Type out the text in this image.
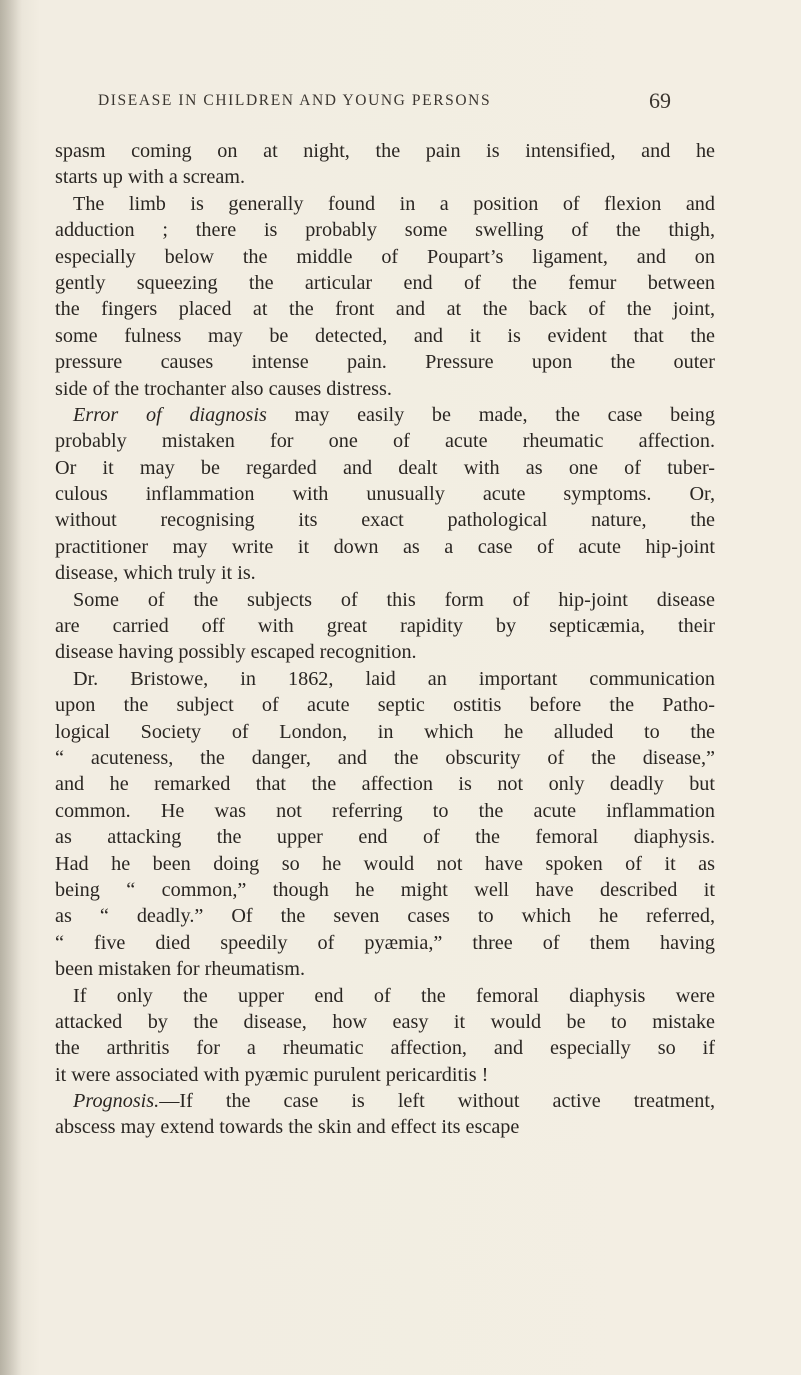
DISEASE IN CHILDREN AND YOUNG PERSONS	69
spasm coming on at night, the pain is intensified, and he
starts up with a scream.
The limb is generally found in a position of flexion and
adduction ; there is probably some swelling of the thigh,
especially below the middle of Poupart’s ligament, and on
gently squeezing the articular end of the femur between
the fingers placed at the front and at the back of the joint,
some fulness may be detected, and it is evident that the
pressure causes intense pain. Pressure upon the outer
side of the trochanter also causes distress.
Error of diagnosis may easily be made, the case being
probably mistaken for one of acute rheumatic affection.
Or it may be regarded and dealt with as one of tuber-
culous inflammation with unusually acute symptoms. Or,
without recognising its exact pathological nature, the
practitioner may write it down as a case of acute hip-joint
disease, which truly it is.
Some of the subjects of this form of hip-joint disease
are carried off with great rapidity by septicæmia, their
disease having possibly escaped recognition.
Dr. Bristowe, in 1862, laid an important communication
upon the subject of acute septic ostitis before the Patho-
logical Society of London, in which he alluded to the
“ acuteness, the danger, and the obscurity of the disease,”
and he remarked that the affection is not only deadly but
common. He was not referring to the acute inflammation
as attacking the upper end of the femoral diaphysis.
Had he been doing so he would not have spoken of it as
being “ common,” though he might well have described it
as “ deadly.” Of the seven cases to which he referred,
“ five died speedily of pyæmia,” three of them having
been mistaken for rheumatism.
If only the upper end of the femoral diaphysis were
attacked by the disease, how easy it would be to mistake
the arthritis for a rheumatic affection, and especially so if
it were associated with pyæmic purulent pericarditis !
Prognosis.—If the case is left without active treatment,
abscess may extend towards the skin and effect its escape
